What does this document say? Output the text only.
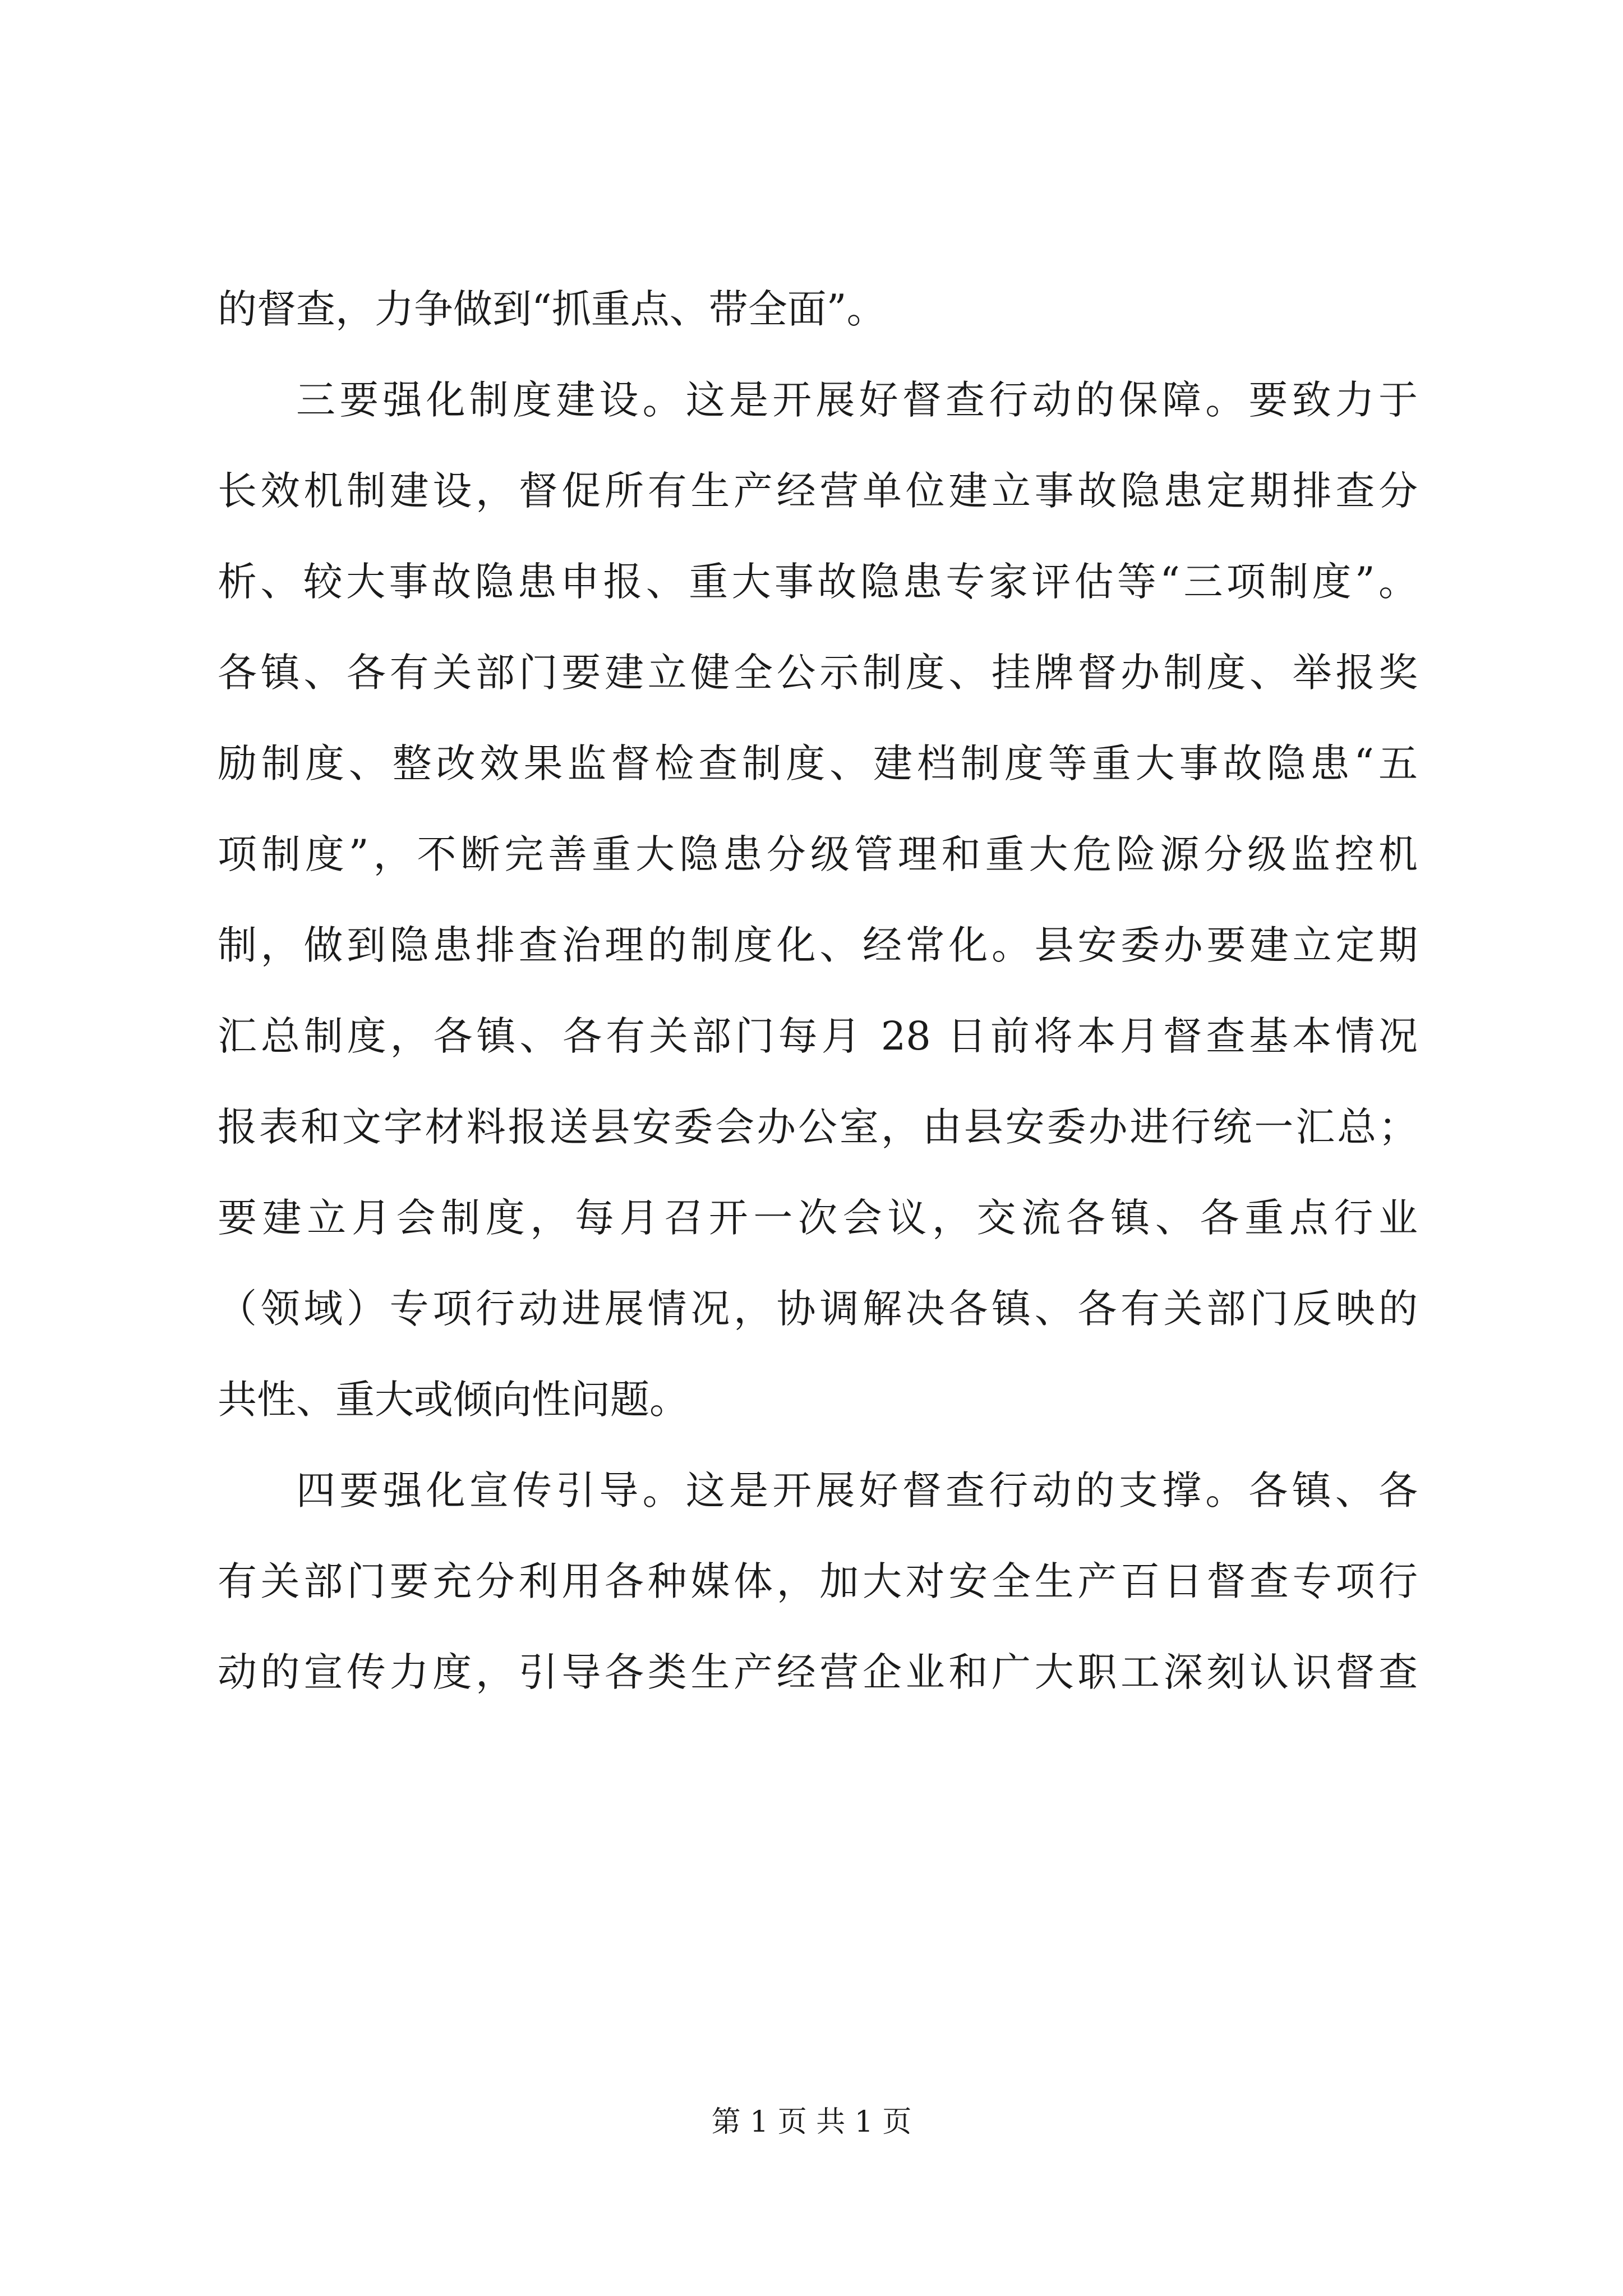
的督查，力争做到“抓重点、带全面”。
三要强化制度建设。这是开展好督查行动的保障。要致力于
长效机制建设，督促所有生产经营单位建立事故隐患定期排查分
析、较大事故隐患申报、重大事故隐患专家评估等“三项制度”。
各镇、各有关部门要建立健全公示制度、挂牌督办制度、举报奖
励制度、整改效果监督检查制度、建档制度等重大事故隐患“五
项制度”，不断完善重大隐患分级管理和重大危险源分级监控机
制，做到隐患排查治理的制度化、经常化。县安委办要建立定期
汇总制度，各镇、各有关部门每月 28 日前将本月督查基本情况
报表和文字材料报送县安委会办公室，由县安委办进行统一汇总；
要建立月会制度，每月召开一次会议，交流各镇、各重点行业
（领域）专项行动进展情况，协调解决各镇、各有关部门反映的
共性、重大或倾向性问题。
四要强化宣传引导。这是开展好督查行动的支撑。各镇、各
有关部门要充分利用各种媒体，加大对安全生产百日督查专项行
动的宣传力度，引导各类生产经营企业和广大职工深刻认识督查
第 1 页 共 1 页
